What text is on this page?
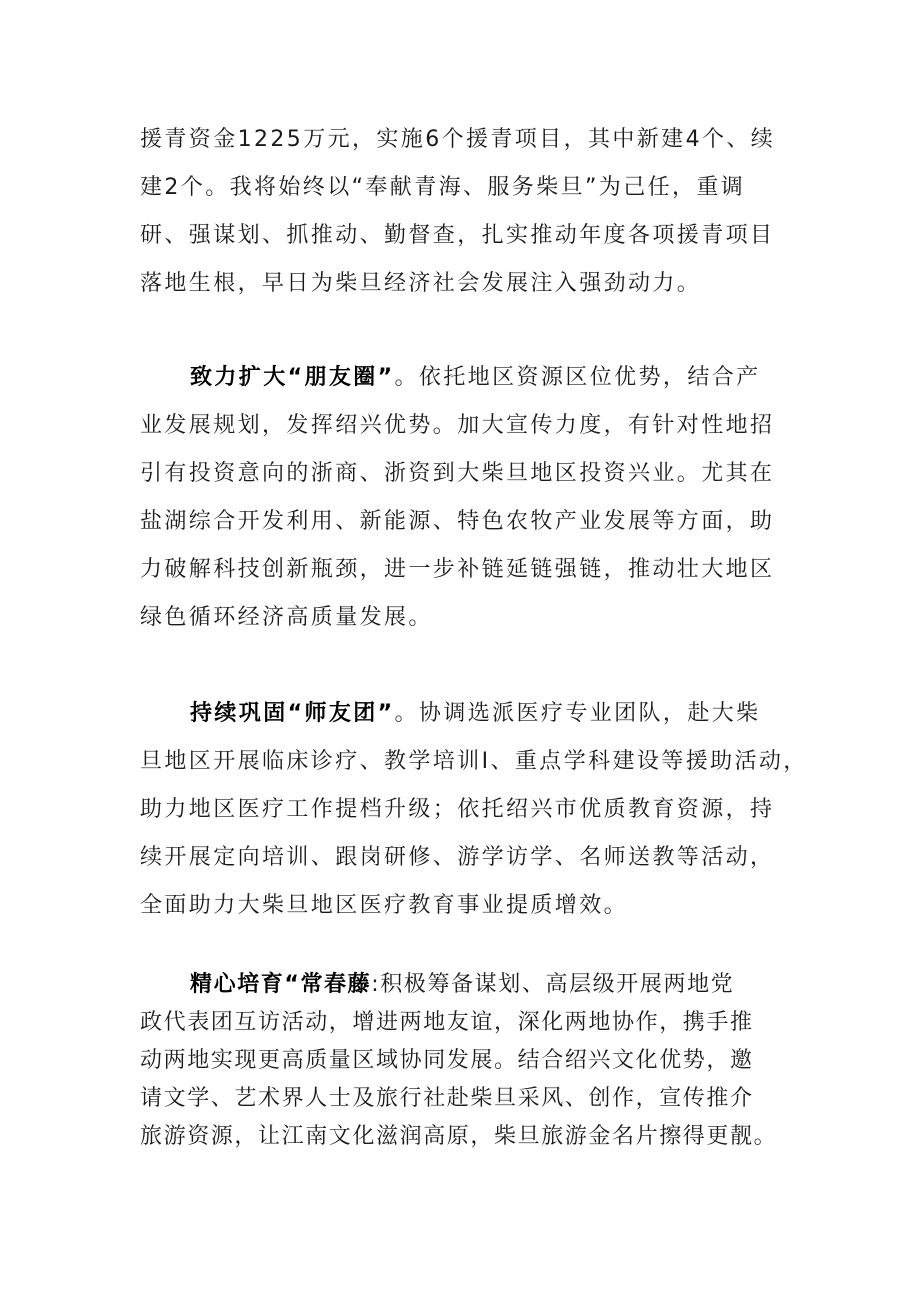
援青资金1225万元，实施6个援青项目，其中新建4个、续
建2个。我将始终以“奉献青海、服务柴旦”为己任，重调
研、强谋划、抓推动、勤督查，扎实推动年度各项援青项目
落地生根，早日为柴旦经济社会发展注入强劲动力。
致力扩大“朋友圈”。依托地区资源区位优势，结合产
业发展规划，发挥绍兴优势。加大宣传力度，有针对性地招
引有投资意向的浙商、浙资到大柴旦地区投资兴业。尤其在
盐湖综合开发利用、新能源、特色农牧产业发展等方面，助
力破解科技创新瓶颈，进一步补链延链强链，推动壮大地区
绿色循环经济高质量发展。
持续巩固“师友团”。协调选派医疗专业团队，赴大柴
旦地区开展临床诊疗、教学培训I、重点学科建设等援助活动，
助力地区医疗工作提档升级；依托绍兴市优质教育资源，持
续开展定向培训、跟岗研修、游学访学、名师送教等活动，
全面助力大柴旦地区医疗教育事业提质增效。
精心培育“常春藤:积极筹备谋划、高层级开展两地党
政代表团互访活动，增进两地友谊，深化两地协作，携手推
动两地实现更高质量区域协同发展。结合绍兴文化优势，邀
请文学、艺术界人士及旅行社赴柴旦采风、创作，宣传推介
旅游资源，让江南文化滋润高原，柴旦旅游金名片擦得更靓。
